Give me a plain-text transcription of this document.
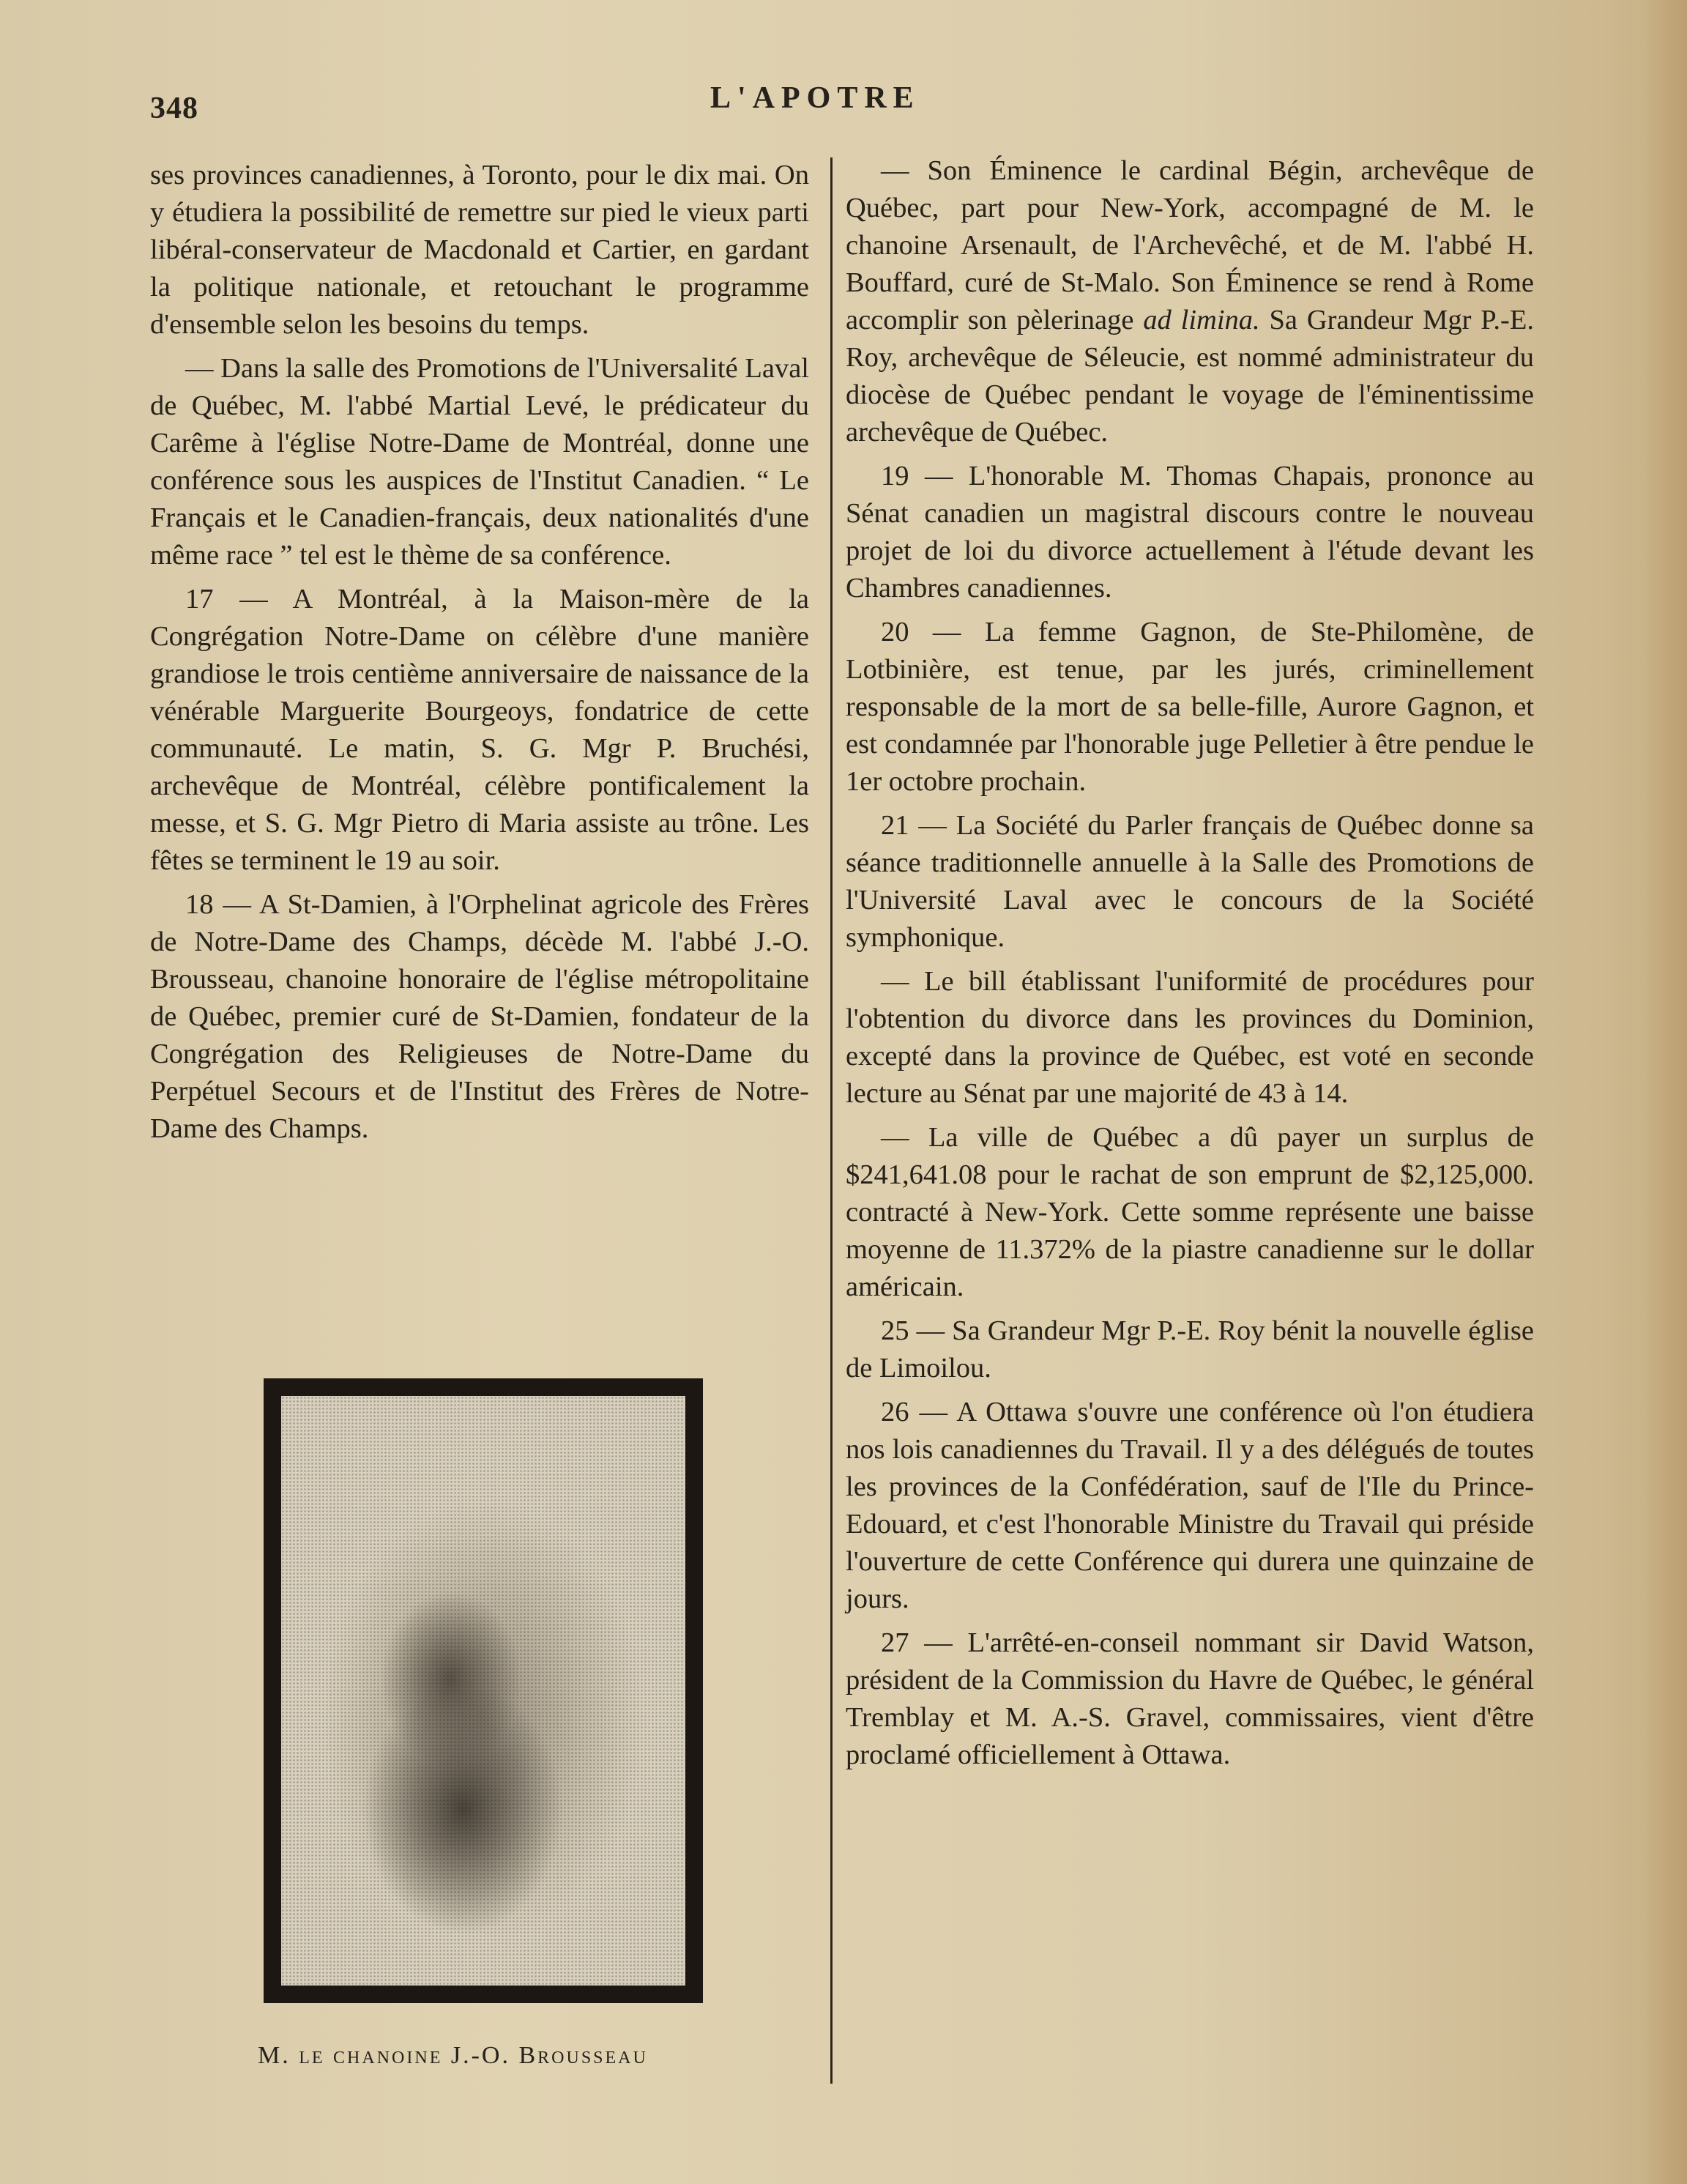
348	L'APOTRE

ses provinces canadiennes, à Toronto, pour le dix mai. On y étudiera la possibilité de remettre sur pied le vieux parti libéral-conservateur de Macdonald et Cartier, en gardant la politique nationale, et retouchant le programme d'ensemble selon les besoins du temps.

— Dans la salle des Promotions de l'Universalité Laval de Québec, M. l'abbé Martial Levé, le prédicateur du Carême à l'église Notre-Dame de Montréal, donne une conférence sous les auspices de l'Institut Canadien. “ Le Français et le Canadien-français, deux nationalités d'une même race ” tel est le thème de sa conférence.

17 — A Montréal, à la Maison-mère de la Congrégation Notre-Dame on célèbre d'une manière grandiose le trois centième anniversaire de naissance de la vénérable Marguerite Bourgeoys, fondatrice de cette communauté. Le matin, S. G. Mgr P. Bruchési, archevêque de Montréal, célèbre pontificalement la messe, et S. G. Mgr Pietro di Maria assiste au trône. Les fêtes se terminent le 19 au soir.

18 — A St-Damien, à l'Orphelinat agricole des Frères de Notre-Dame des Champs, décède M. l'abbé J.-O. Brousseau, chanoine honoraire de l'église métropolitaine de Québec, premier curé de St-Damien, fondateur de la Congrégation des Religieuses de Notre-Dame du Perpétuel Secours et de l'Institut des Frères de Notre-Dame des Champs.

— Son Éminence le cardinal Bégin, archevêque de Québec, part pour New-York, accompagné de M. le chanoine Arsenault, de l'Archevêché, et de M. l'abbé H. Bouffard, curé de St-Malo. Son Éminence se rend à Rome accomplir son pèlerinage ad limina. Sa Grandeur Mgr P.-E. Roy, archevêque de Séleucie, est nommé administrateur du diocèse de Québec pendant le voyage de l'éminentissime archevêque de Québec.

19 — L'honorable M. Thomas Chapais, prononce au Sénat canadien un magistral discours contre le nouveau projet de loi du divorce actuellement à l'étude devant les Chambres canadiennes.

20 — La femme Gagnon, de Ste-Philomène, de Lotbinière, est tenue, par les jurés, criminellement responsable de la mort de sa belle-fille, Aurore Gagnon, et est condamnée par l'honorable juge Pelletier à être pendue le 1er octobre prochain.

21 — La Société du Parler français de Québec donne sa séance traditionnelle annuelle à la Salle des Promotions de l'Université Laval avec le concours de la Société symphonique.

— Le bill établissant l'uniformité de procédures pour l'obtention du divorce dans les provinces du Dominion, excepté dans la province de Québec, est voté en seconde lecture au Sénat par une majorité de 43 à 14.

— La ville de Québec a dû payer un surplus de $241,641.08 pour le rachat de son emprunt de $2,125,000. contracté à New-York. Cette somme représente une baisse moyenne de 11.372% de la piastre canadienne sur le dollar américain.

25 — Sa Grandeur Mgr P.-E. Roy bénit la nouvelle église de Limoilou.

26 — A Ottawa s'ouvre une conférence où l'on étudiera nos lois canadiennes du Travail. Il y a des délégués de toutes les provinces de la Confédération, sauf de l'Ile du Prince-Edouard, et c'est l'honorable Ministre du Travail qui préside l'ouverture de cette Conférence qui durera une quinzaine de jours.

27 — L'arrêté-en-conseil nommant sir David Watson, président de la Commission du Havre de Québec, le général Tremblay et M. A.-S. Gravel, commissaires, vient d'être proclamé officiellement à Ottawa.

M. le chanoine J.-O. Brousseau
